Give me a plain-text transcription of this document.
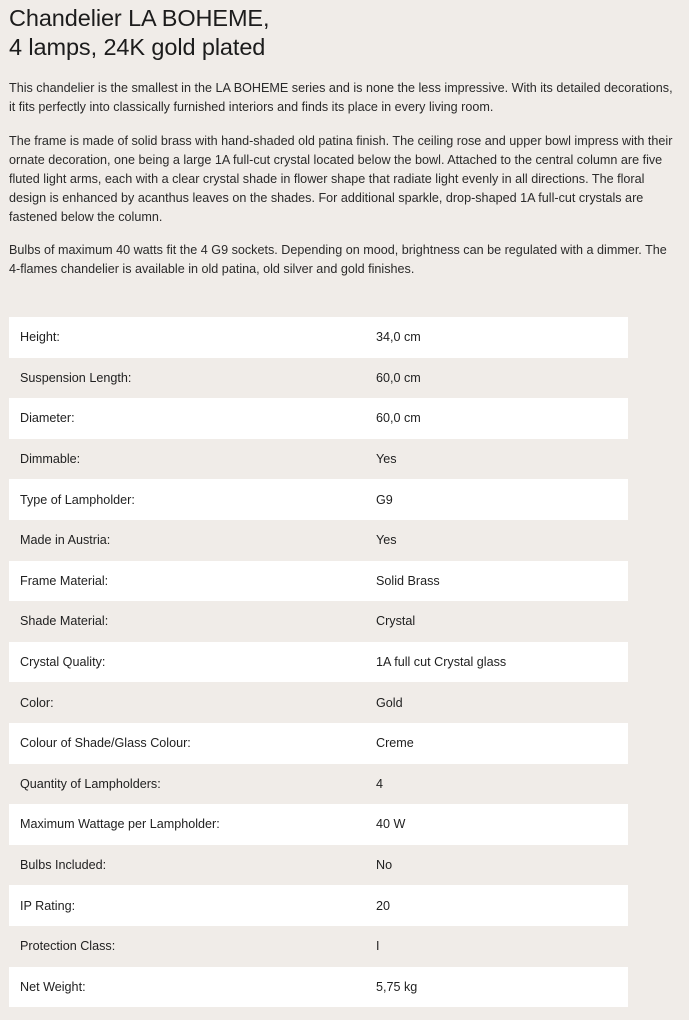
Chandelier LA BOHEME,
4 lamps, 24K gold plated

This chandelier is the smallest in the LA BOHEME series and is none the less impressive. With its detailed decorations, it fits perfectly into classically furnished interiors and finds its place in every living room.

The frame is made of solid brass with hand-shaded old patina finish. The ceiling rose and upper bowl impress with their ornate decoration, one being a large 1A full-cut crystal located below the bowl. Attached to the central column are five fluted light arms, each with a clear crystal shade in flower shape that radiate light evenly in all directions. The floral design is enhanced by acanthus leaves on the shades. For additional sparkle, drop-shaped 1A full-cut crystals are fastened below the column.

Bulbs of maximum 40 watts fit the 4 G9 sockets. Depending on mood, brightness can be regulated with a dimmer. The 4-flames chandelier is available in old patina, old silver and gold finishes.

Height:	34,0 cm
Suspension Length:	60,0 cm
Diameter:	60,0 cm
Dimmable:	Yes
Type of Lampholder:	G9
Made in Austria:	Yes
Frame Material:	Solid Brass
Shade Material:	Crystal
Crystal Quality:	1A full cut Crystal glass
Color:	Gold
Colour of Shade/Glass Colour:	Creme
Quantity of Lampholders:	4
Maximum Wattage per Lampholder:	40 W
Bulbs Included:	No
IP Rating:	20
Protection Class:	I
Net Weight:	5,75 kg
